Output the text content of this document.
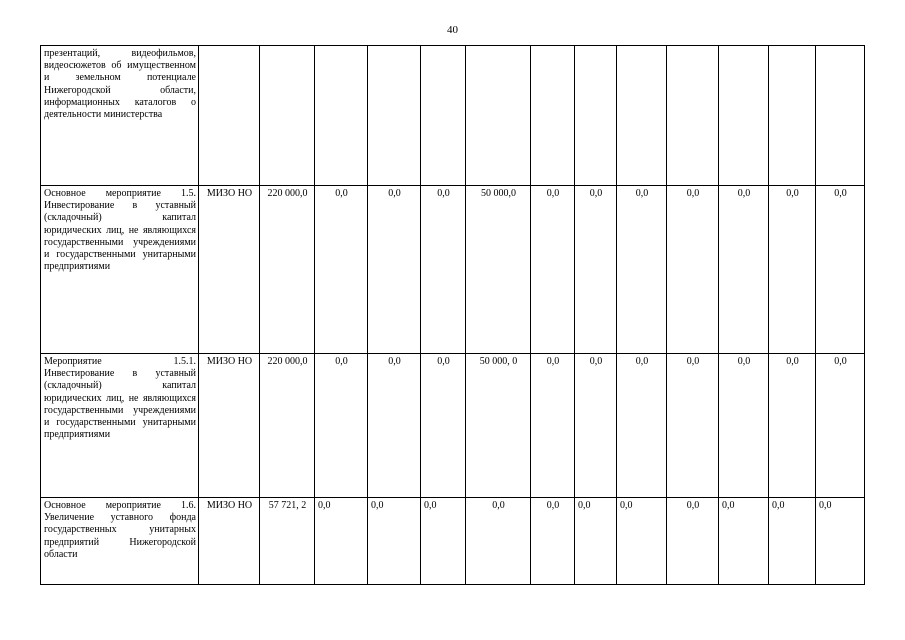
40
презентаций, видеофильмов, видеосюжетов об имущественном и земельном потенциале Нижегородской области, информационных каталогов о деятельности министерства													
Основное мероприятие 1.5. Инвестирование в уставный (складочный) капитал юридических лиц, не являющихся государственными учреждениями и государственными унитарными предприятиями	МИЗО НО	220 000,0	0,0	0,0	0,0	50 000,0	0,0	0,0	0,0	0,0	0,0	0,0	0,0
Мероприятие 1.5.1. Инвестирование в уставный (складочный) капитал юридических лиц, не являющихся государственными учреждениями и государственными унитарными предприятиями	МИЗО НО	220 000,0	0,0	0,0	0,0	50 000, 0	0,0	0,0	0,0	0,0	0,0	0,0	0,0
Основное мероприятие 1.6. Увеличение уставного фонда государственных унитарных предприятий Нижегородской области	МИЗО НО	57 721, 2	0,0	0,0	0,0	0,0	0,0	0,0	0,0	0,0	0,0	0,0	0,0
